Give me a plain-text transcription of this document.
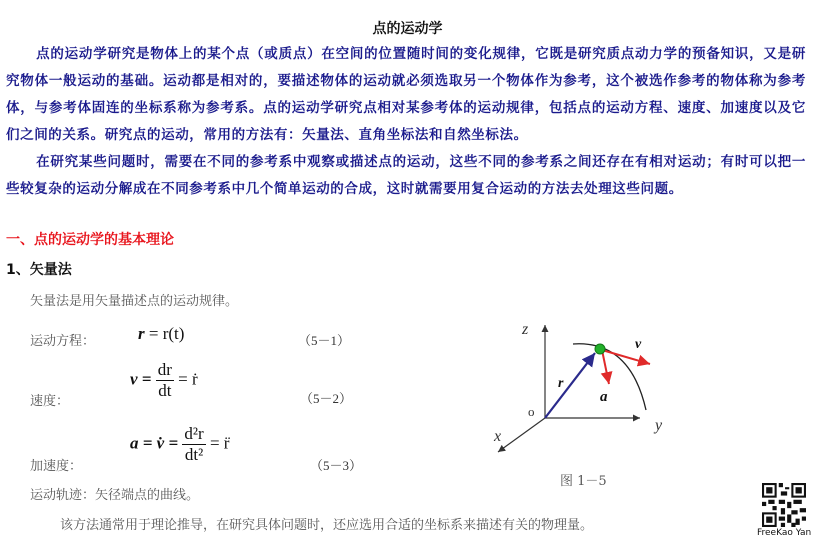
点的运动学
点的运动学研究是物体上的某个点（或质点）在空间的位置随时间的变化规律，它既是研究质点动力学的预备知识，又是研究物体一般运动的基础。运动都是相对的，要描述物体的运动就必须选取另一个物体作为参考，这个被选作参考的物体称为参考体，与参考体固连的坐标系称为参考系。点的运动学研究点相对某参考体的运动规律，包括点的运动方程、速度、加速度以及它们之间的关系。研究点的运动，常用的方法有：矢量法、直角坐标法和自然坐标法。
在研究某些问题时，需要在不同的参考系中观察或描述点的运动，这些不同的参考系之间还存在有相对运动；有时可以把一些较复杂的运动分解成在不同参考系中几个简单运动的合成，这时就需要用复合运动的方法去处理这些问题。
一、点的运动学的基本理论
1、矢量法
矢量法是用矢量描述点的运动规律。
运动方程：	r = r(t)	（5－1）
速度：
$v = \frac{dr}{dt}$ = ṙ
（5－2）
加速度：
a = v̇ = $\frac{\text{d²r}}{\text{dt²}}$ = r̈
（5－3）
运动轨迹：矢径端点的曲线。
该方法通常用于理论推导，在研究具体问题时，还应选用合适的坐标系来描述有关的物理量。
z
y
x
o
r
v
a
图 1－5
FreeKao Yan
